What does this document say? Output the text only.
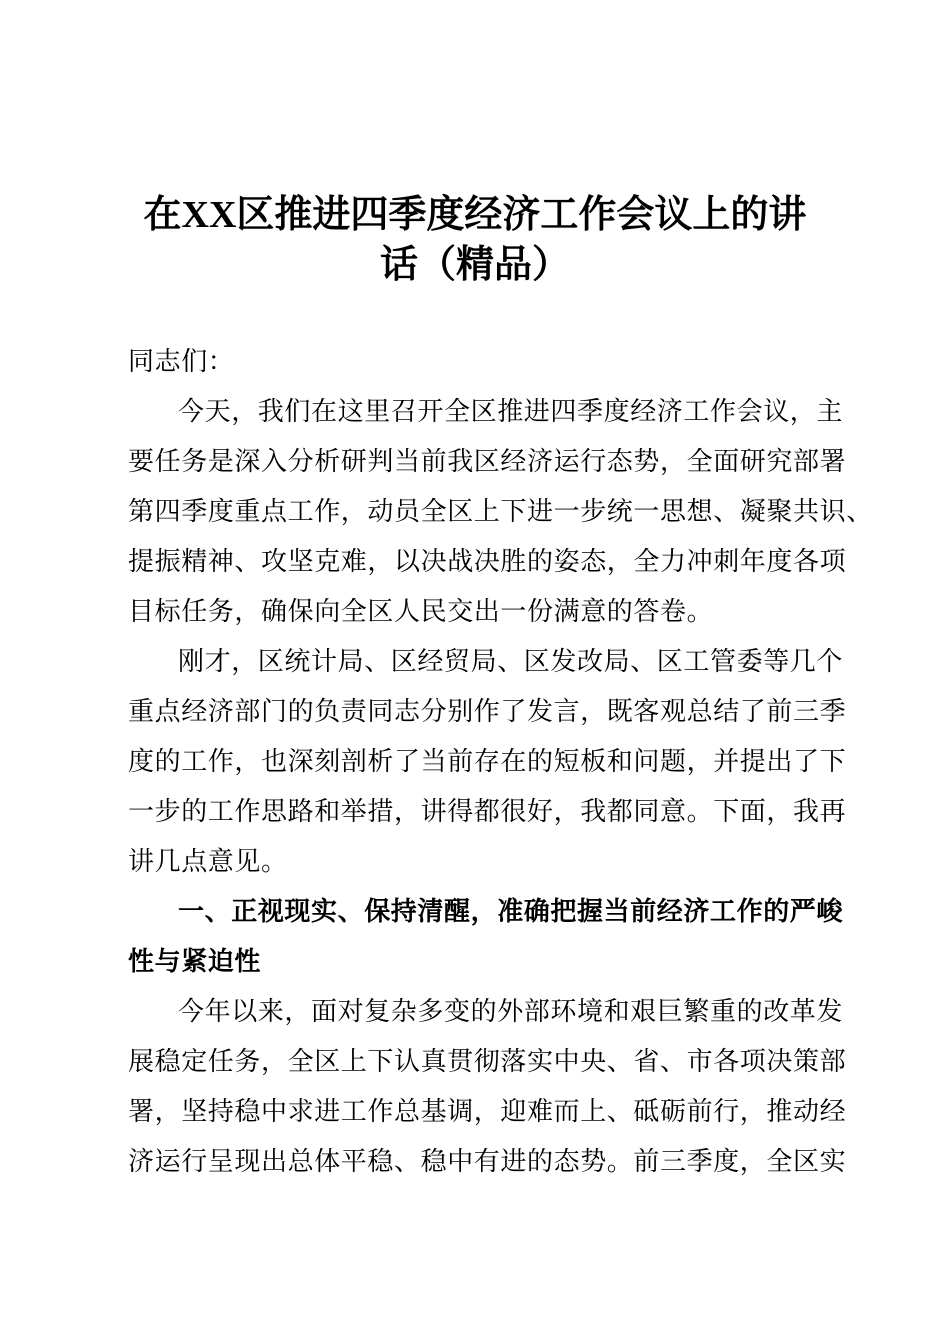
在XX区推进四季度经济工作会议上的讲
话（精品）
同志们：
今天，我们在这里召开全区推进四季度经济工作会议，主
要任务是深入分析研判当前我区经济运行态势，全面研究部署
第四季度重点工作，动员全区上下进一步统一思想、凝聚共识、
提振精神、攻坚克难，以决战决胜的姿态，全力冲刺年度各项
目标任务，确保向全区人民交出一份满意的答卷。
刚才，区统计局、区经贸局、区发改局、区工管委等几个
重点经济部门的负责同志分别作了发言，既客观总结了前三季
度的工作，也深刻剖析了当前存在的短板和问题，并提出了下
一步的工作思路和举措，讲得都很好，我都同意。下面，我再
讲几点意见。
一、正视现实、保持清醒，准确把握当前经济工作的严峻
性与紧迫性
今年以来，面对复杂多变的外部环境和艰巨繁重的改革发
展稳定任务，全区上下认真贯彻落实中央、省、市各项决策部
署，坚持稳中求进工作总基调，迎难而上、砥砺前行，推动经
济运行呈现出总体平稳、稳中有进的态势。前三季度，全区实
